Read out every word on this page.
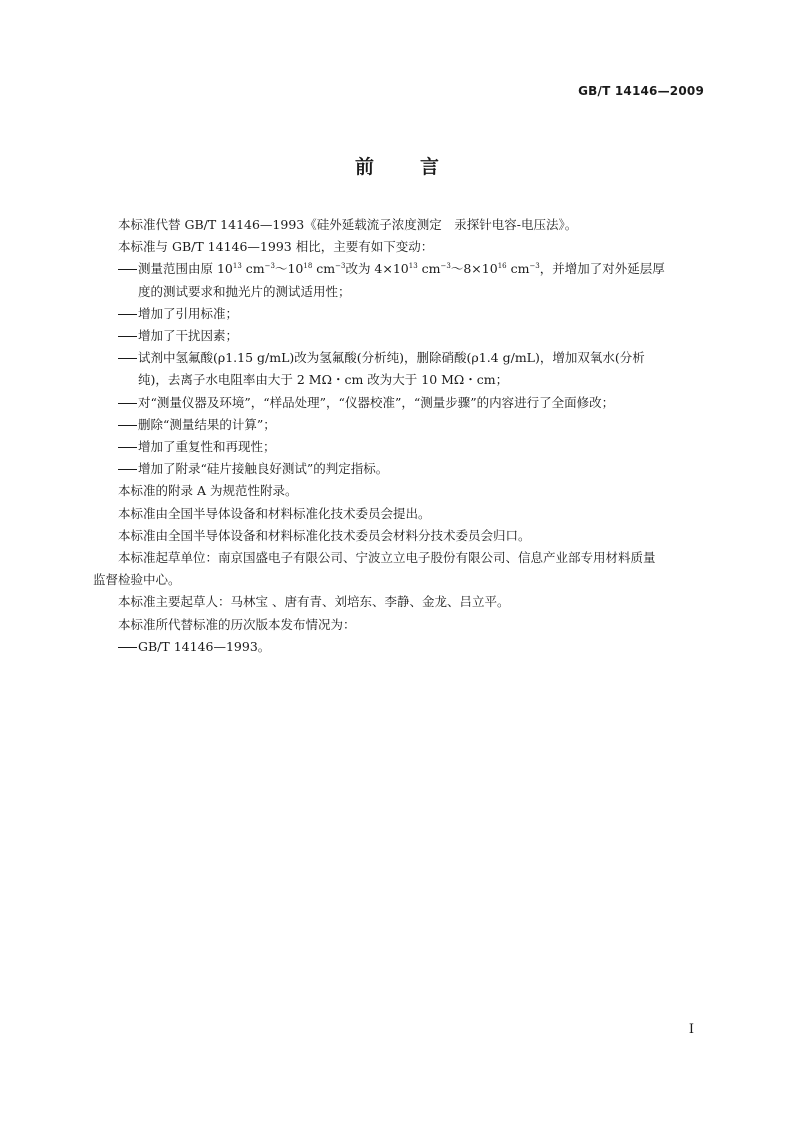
GB/T 14146—2009
前 言

本标准代替 GB/T 14146—1993《硅外延载流子浓度测定　汞探针电容-电压法》。

本标准与 GB/T 14146—1993 相比，主要有如下变动：

测量范围由原 $10^{13}$ $cm^{-3}\sim 10^{18}$ $cm^{-3}$改为 $4\times 10^{13}$ $cm^{-3}\sim 8\times 10^{16}$ $cm^{-3}$，并增加了对外延层厚
度的测试要求和抛光片的测试适用性；

增加了引用标准；

增加了干扰因素；

试剂中氢氟酸(ρ1.15 g/mL)改为氢氟酸(分析纯)，删除硝酸(ρ1.4 g/mL)，增加双氧水(分析
纯)，去离子水电阻率由大于 2 MΩ・cm 改为大于 10 MΩ・cm；

对“测量仪器及环境”，“样品处理”，“仪器校准”，“测量步骤”的内容进行了全面修改；

删除“测量结果的计算”；

增加了重复性和再现性；

增加了附录“硅片接触良好测试”的判定指标。

本标准的附录 A 为规范性附录。

本标准由全国半导体设备和材料标准化技术委员会提出。

本标准由全国半导体设备和材料标准化技术委员会材料分技术委员会归口。

本标准起草单位：南京国盛电子有限公司、宁波立立电子股份有限公司、信息产业部专用材料质量
监督检验中心。

本标准主要起草人：马林宝 、唐有青、刘培东、李静、金龙、吕立平。

本标准所代替标准的历次版本发布情况为：

GB/T 14146—1993。

I
